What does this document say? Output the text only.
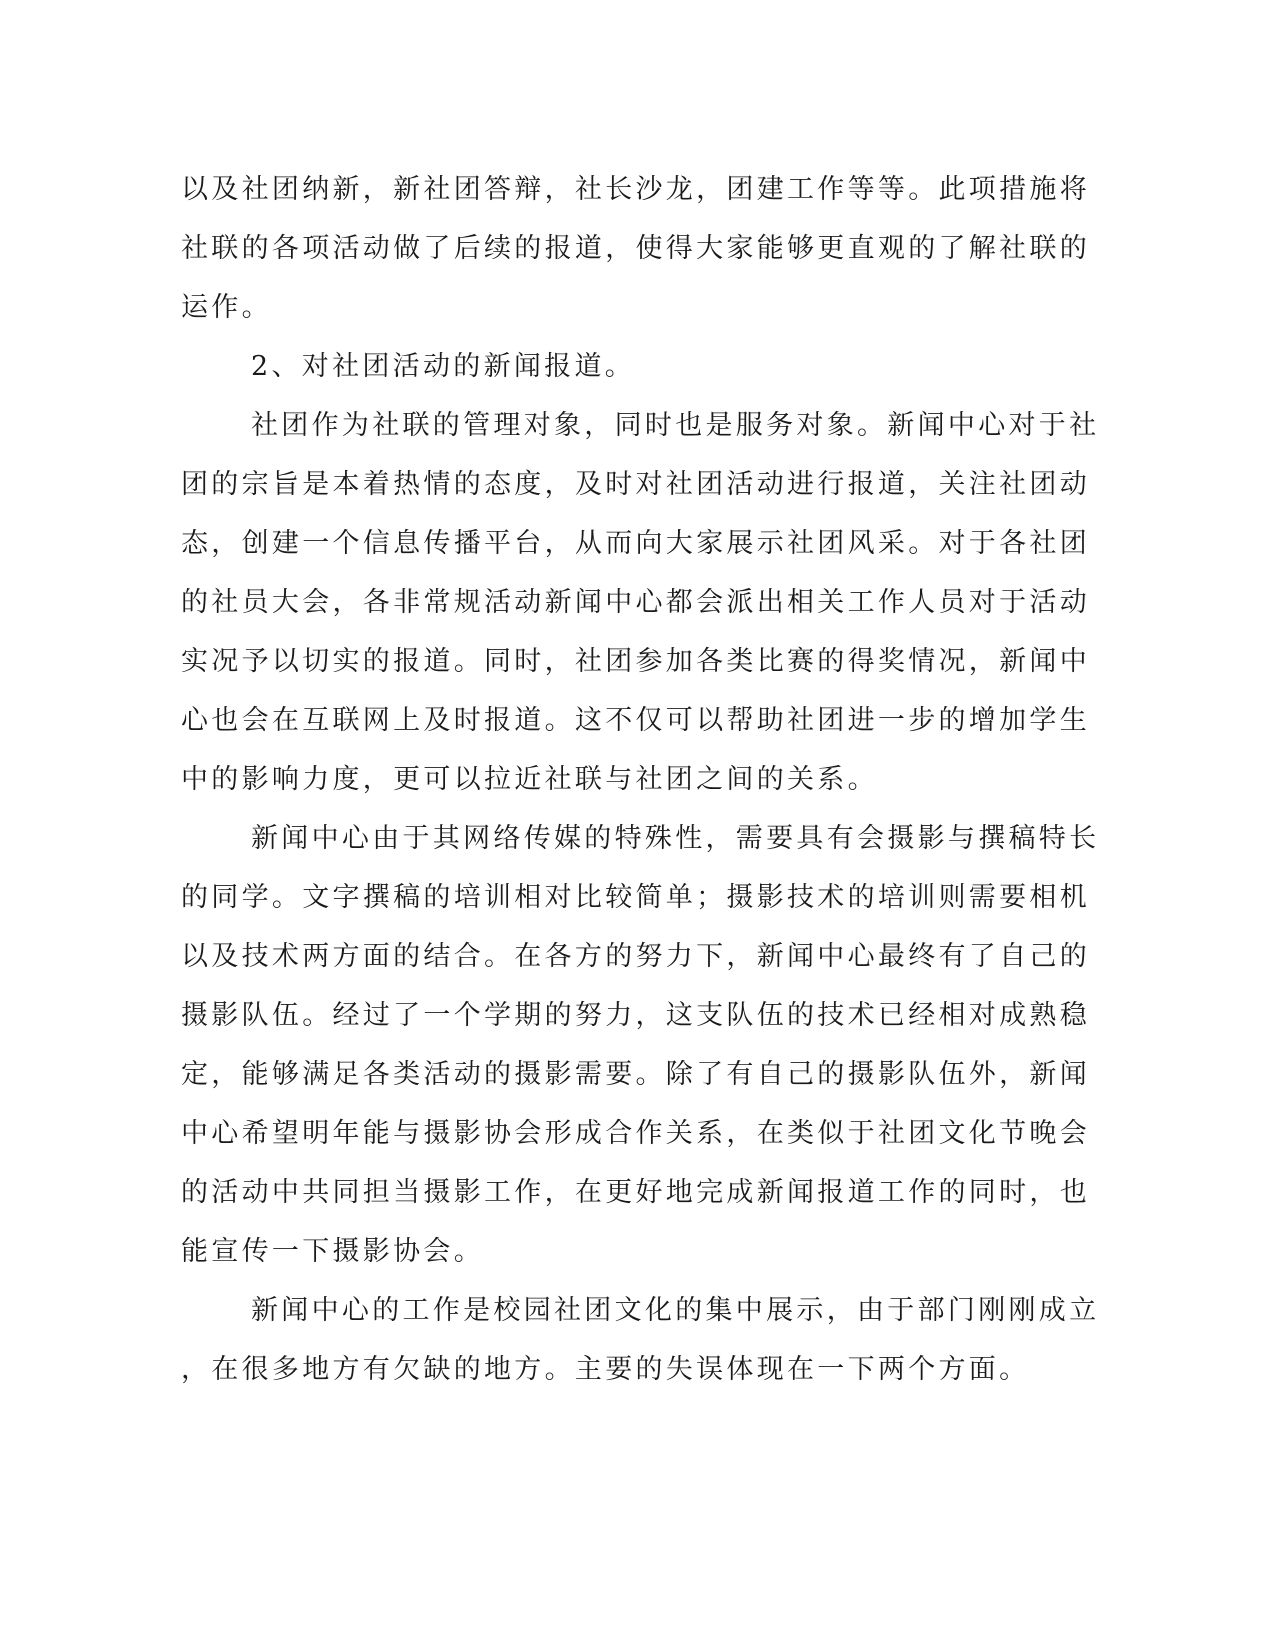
以及社团纳新，新社团答辩，社长沙龙，团建工作等等。此项措施将
社联的各项活动做了后续的报道，使得大家能够更直观的了解社联的
运作。
2、对社团活动的新闻报道。
社团作为社联的管理对象，同时也是服务对象。新闻中心对于社
团的宗旨是本着热情的态度，及时对社团活动进行报道，关注社团动
态，创建一个信息传播平台，从而向大家展示社团风采。对于各社团
的社员大会，各非常规活动新闻中心都会派出相关工作人员对于活动
实况予以切实的报道。同时，社团参加各类比赛的得奖情况，新闻中
心也会在互联网上及时报道。这不仅可以帮助社团进一步的增加学生
中的影响力度，更可以拉近社联与社团之间的关系。
新闻中心由于其网络传媒的特殊性，需要具有会摄影与撰稿特长
的同学。文字撰稿的培训相对比较简单；摄影技术的培训则需要相机
以及技术两方面的结合。在各方的努力下，新闻中心最终有了自己的
摄影队伍。经过了一个学期的努力，这支队伍的技术已经相对成熟稳
定，能够满足各类活动的摄影需要。除了有自己的摄影队伍外，新闻
中心希望明年能与摄影协会形成合作关系，在类似于社团文化节晚会
的活动中共同担当摄影工作，在更好地完成新闻报道工作的同时，也
能宣传一下摄影协会。
新闻中心的工作是校园社团文化的集中展示，由于部门刚刚成立
，在很多地方有欠缺的地方。主要的失误体现在一下两个方面。
